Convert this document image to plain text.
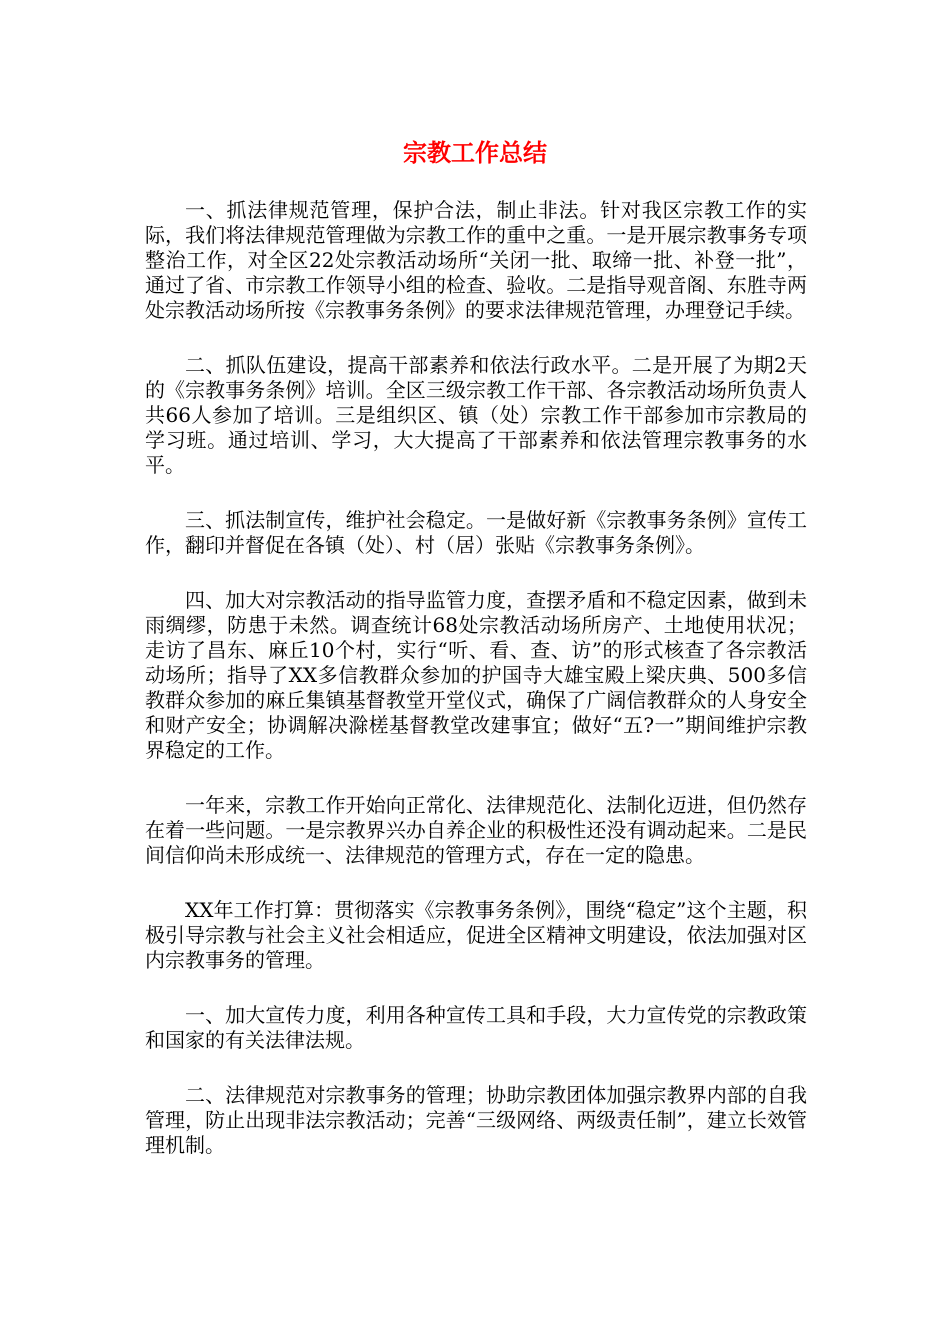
宗教工作总结

一、抓法律规范管理，保护合法，制止非法。针对我区宗教工作的实际，我们将法律规范管理做为宗教工作的重中之重。一是开展宗教事务专项整治工作，对全区22处宗教活动场所“关闭一批、取缔一批、补登一批”，通过了省、市宗教工作领导小组的检查、验收。二是指导观音阁、东胜寺两处宗教活动场所按《宗教事务条例》的要求法律规范管理，办理登记手续。

二、抓队伍建设，提高干部素养和依法行政水平。二是开展了为期2天的《宗教事务条例》培训。全区三级宗教工作干部、各宗教活动场所负责人共66人参加了培训。三是组织区、镇（处）宗教工作干部参加市宗教局的学习班。通过培训、学习，大大提高了干部素养和依法管理宗教事务的水平。

三、抓法制宣传，维护社会稳定。一是做好新《宗教事务条例》宣传工作，翻印并督促在各镇（处）、村（居）张贴《宗教事务条例》。

四、加大对宗教活动的指导监管力度，查摆矛盾和不稳定因素，做到未雨绸缪，防患于未然。调查统计68处宗教活动场所房产、土地使用状况；走访了昌东、麻丘10个村，实行“听、看、查、访”的形式核查了各宗教活动场所；指导了XX多信教群众参加的护国寺大雄宝殿上梁庆典、500多信教群众参加的麻丘集镇基督教堂开堂仪式，确保了广阔信教群众的人身安全和财产安全；协调解决滁槎基督教堂改建事宜；做好“五?一”期间维护宗教界稳定的工作。

一年来，宗教工作开始向正常化、法律规范化、法制化迈进，但仍然存在着一些问题。一是宗教界兴办自养企业的积极性还没有调动起来。二是民间信仰尚未形成统一、法律规范的管理方式，存在一定的隐患。

XX年工作打算：贯彻落实《宗教事务条例》，围绕“稳定”这个主题，积极引导宗教与社会主义社会相适应，促进全区精神文明建设，依法加强对区内宗教事务的管理。

一、加大宣传力度，利用各种宣传工具和手段，大力宣传党的宗教政策和国家的有关法律法规。

二、法律规范对宗教事务的管理；协助宗教团体加强宗教界内部的自我管理，防止出现非法宗教活动；完善“三级网络、两级责任制”，建立长效管理机制。
